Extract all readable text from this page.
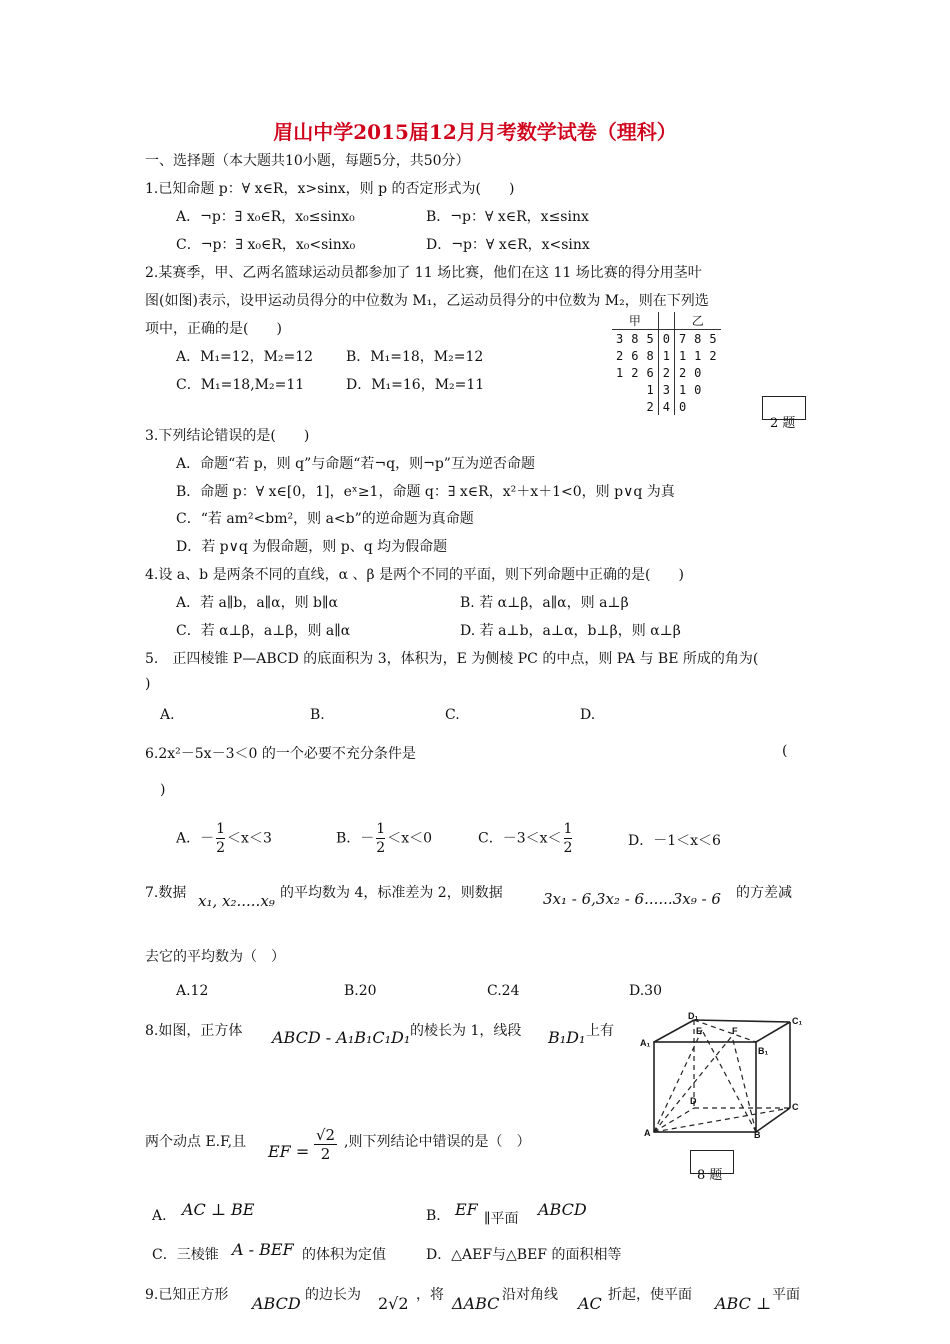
眉山中学2015届12月月考数学试卷（理科）
一、选择题（本大题共10小题，每题5分，共50分）
1.已知命题 p：∀ x∈R，x>sinx，则 p 的否定形式为(　　)
A．¬p：∃ x₀∈R，x₀≤sinx₀	B．¬p：∀ x∈R，x≤sinx
C．¬p：∃ x₀∈R，x₀<sinx₀	D．¬p：∀ x∈R，x<sinx
2.某赛季，甲、乙两名篮球运动员都参加了 11 场比赛，他们在这 11 场比赛的得分用茎叶
图(如图)表示，设甲运动员得分的中位数为 M₁，乙运动员得分的中位数为 M₂，则在下列选
项中，正确的是(　　)
A．M₁=12，M₂=12 B．M₁=18，M₂=12
C．M₁=18,M₂=11	D．M₁=16，M₂=11
甲				乙		
3	8	5	0	7	8	5
2	6	8	1	1	1	2
1	2	6	2	2	0	
		1	3	1	0	
		2	4	0		
2 题
3.下列结论错误的是(　　)
A．命题“若 p，则 q”与命题“若¬q，则¬p”互为逆否命题
B．命题 p：∀ x∈[0，1]，eˣ≥1，命题 q：∃ x∈R，x²＋x＋1<0，则 p∨q 为真
C．“若 am²<bm²，则 a<b”的逆命题为真命题
D．若 p∨q 为假命题，则 p、q 均为假命题
4.设 a、b 是两条不同的直线，α 、β 是两个不同的平面，则下列命题中正确的是(　　)
A．若 a∥b，a∥α，则 b∥α	B. 若 α⊥β，a∥α，则 a⊥β
C．若 α⊥β，a⊥β，则 a∥α	D. 若 a⊥b，a⊥α，b⊥β，则 α⊥β
5.　正四棱锥 P—ABCD 的底面积为 3，体积为，E 为侧棱 PC 的中点，则 PA 与 BE 所成的角为(
)
A.	B.	C.	D.
6.2x²－5x－3＜0 的一个必要不充分条件是	(
)
A．－ $\frac{1}{2} <x<3$	B．－ $\frac{1}{2} <x<0$	C．$-3<x< \frac{1}{2}$	D．－1＜x＜6
7.数据 x₁, x₂.....x₉ 的平均数为 4，标准差为 2，则数据	3x₁ - 6,3x₂ - 6......3x₉ - 6 的方差减
去它的平均数为（　）
A.12	B.20	C.24	D.30
8.如图，正方体 ABCD - A₁B₁C₁D₁ 的棱长为 1，线段 B₁D₁ 上有
两个动点 E.F,且 EF = $\frac{√2}{2}$ ,则下列结论中错误的是（　）
A. AC ⊥ BE	B. EF ∥平面 ABCD
C．三棱锥 A - BEF 的体积为定值	D．△AEF与△BEF 的面积相等
D₁	C₁
A₁
B₁
E	F
D
C
A	B
8 题
9.已知正方形 ABCD 的边长为 2√2 ，将 ΔABC 沿对角线 AC 折起，使平面 ABC ⊥ 平面
